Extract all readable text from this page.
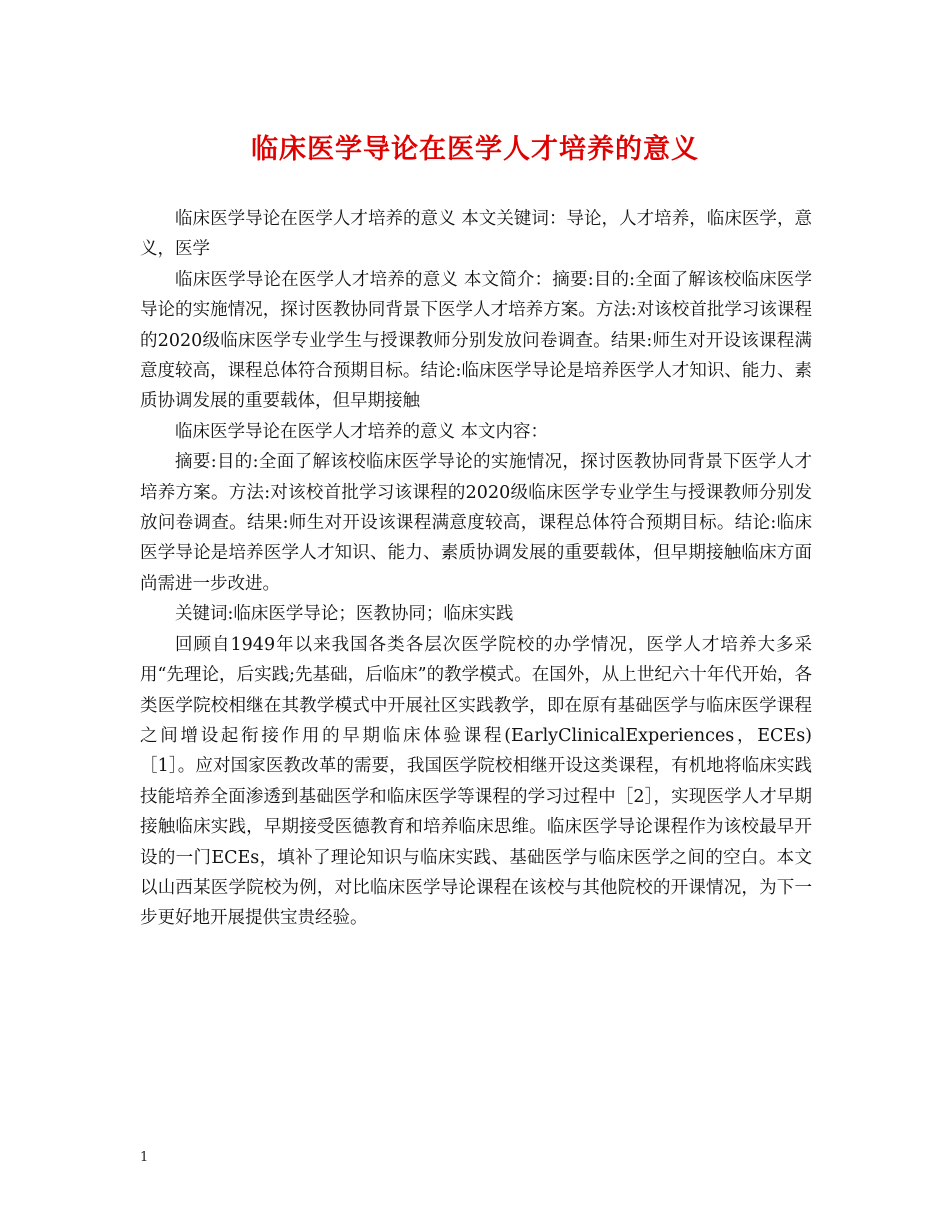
临床医学导论在医学人才培养的意义

临床医学导论在医学人才培养的意义 本文关键词：导论，人才培养，临床医学，意义，医学

临床医学导论在医学人才培养的意义 本文简介：摘要:目的:全面了解该校临床医学导论的实施情况，探讨医教协同背景下医学人才培养方案。方法:对该校首批学习该课程的2020级临床医学专业学生与授课教师分别发放问卷调查。结果:师生对开设该课程满意度较高，课程总体符合预期目标。结论:临床医学导论是培养医学人才知识、能力、素质协调发展的重要载体，但早期接触

临床医学导论在医学人才培养的意义 本文内容：

摘要:目的:全面了解该校临床医学导论的实施情况，探讨医教协同背景下医学人才培养方案。方法:对该校首批学习该课程的2020级临床医学专业学生与授课教师分别发放问卷调查。结果:师生对开设该课程满意度较高，课程总体符合预期目标。结论:临床医学导论是培养医学人才知识、能力、素质协调发展的重要载体，但早期接触临床方面尚需进一步改进。

关键词:临床医学导论；医教协同；临床实践

回顾自1949年以来我国各类各层次医学院校的办学情况，医学人才培养大多采用“先理论，后实践;先基础，后临床”的教学模式。在国外，从上世纪六十年代开始，各类医学院校相继在其教学模式中开展社区实践教学，即在原有基础医学与临床医学课程之间增设起衔接作用的早期临床体验课程(EarlyClinicalExperiences，ECEs)［1］。应对国家医教改革的需要，我国医学院校相继开设这类课程，有机地将临床实践技能培养全面渗透到基础医学和临床医学等课程的学习过程中［2］，实现医学人才早期接触临床实践，早期接受医德教育和培养临床思维。临床医学导论课程作为该校最早开设的一门ECEs，填补了理论知识与临床实践、基础医学与临床医学之间的空白。本文以山西某医学院校为例，对比临床医学导论课程在该校与其他院校的开课情况，为下一步更好地开展提供宝贵经验。

1
